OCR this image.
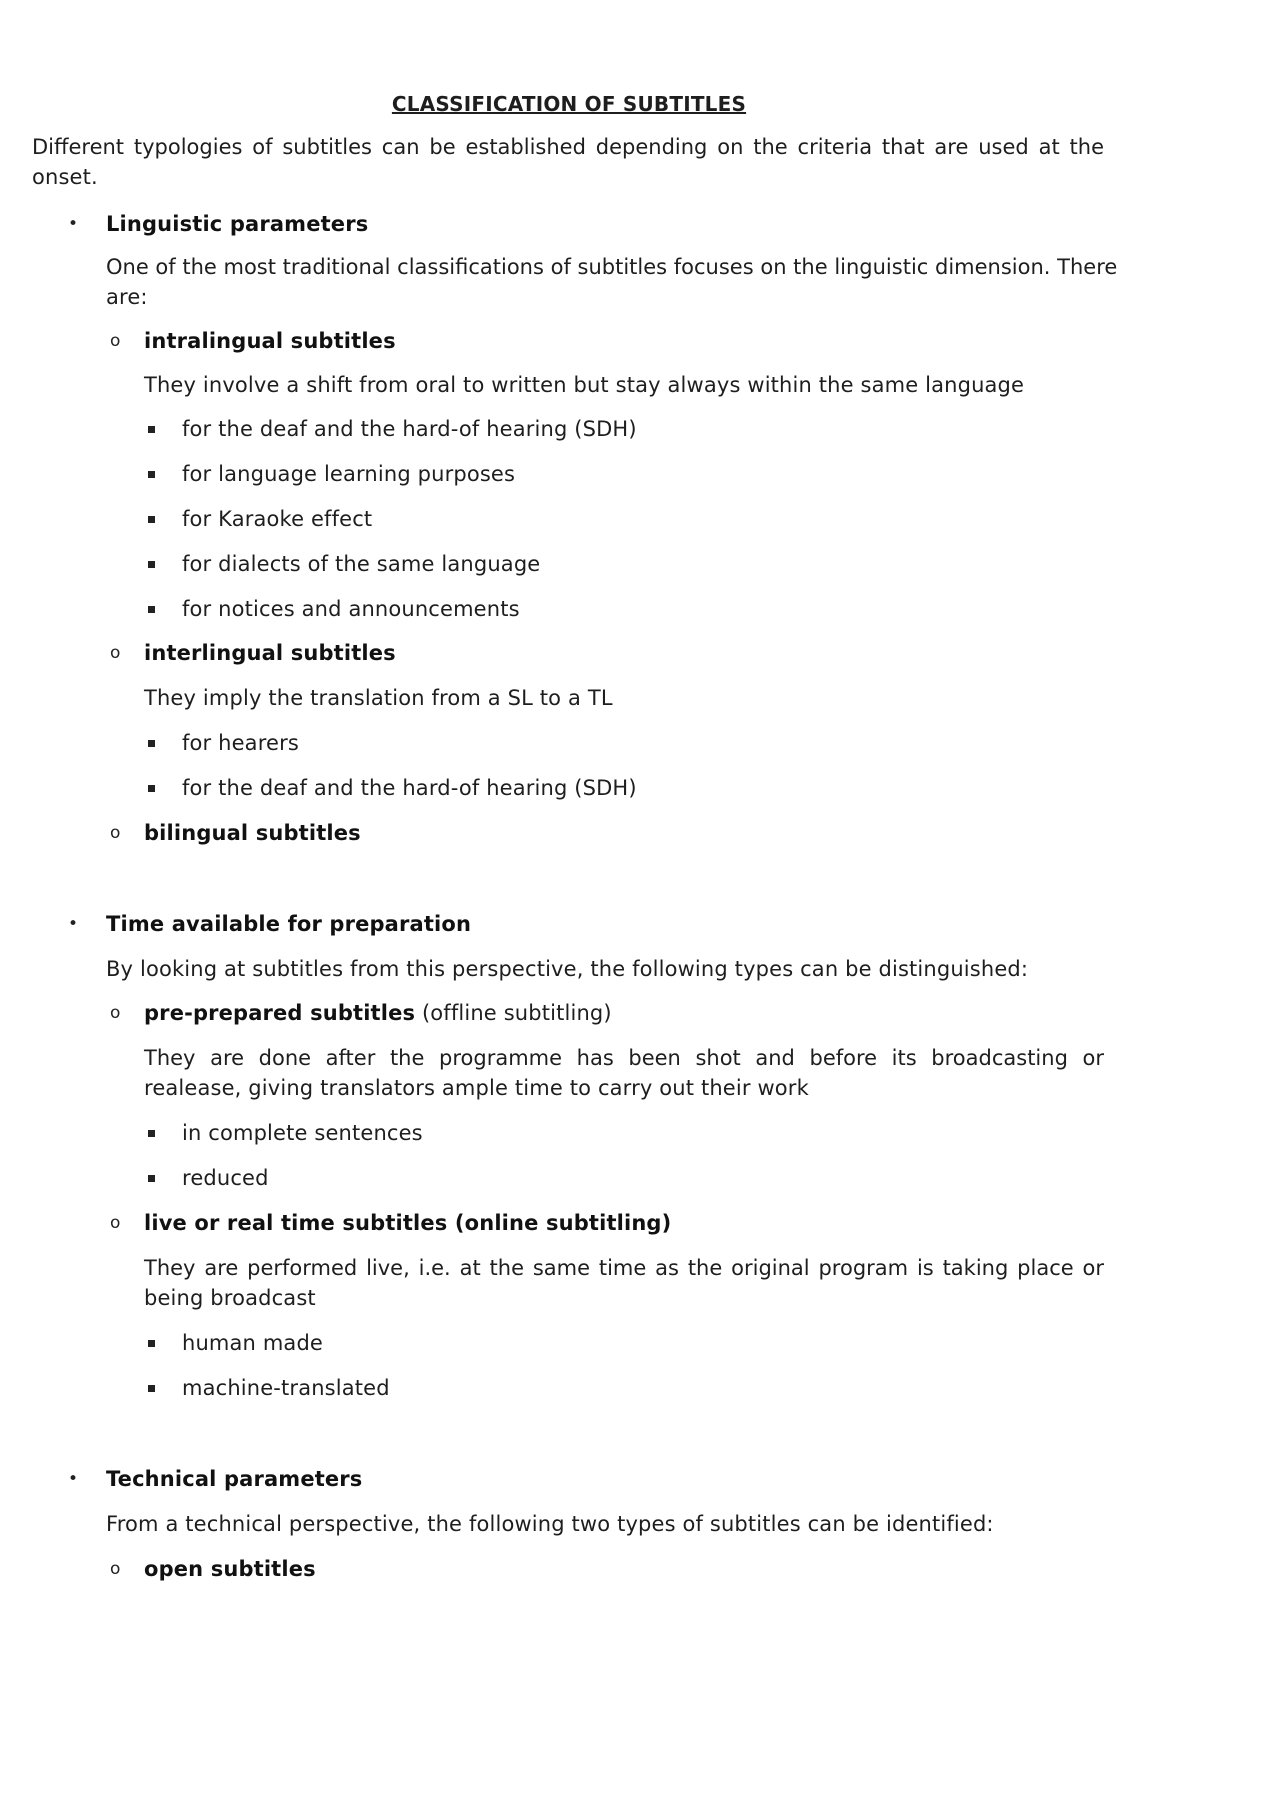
CLASSIFICATION OF SUBTITLES
Different typologies of subtitles can be established depending on the criteria that are used at the
onset.
• Linguistic parameters
One of the most traditional classifications of subtitles focuses on the linguistic dimension. There
are:
o intralingual subtitles
They involve a shift from oral to written but stay always within the same language
for the deaf and the hard-of hearing (SDH)
for language learning purposes
for Karaoke effect
for dialects of the same language
for notices and announcements
o interlingual subtitles
They imply the translation from a SL to a TL
for hearers
for the deaf and the hard-of hearing (SDH)
o bilingual subtitles
• Time available for preparation
By looking at subtitles from this perspective, the following types can be distinguished:
o pre-prepared subtitles (offline subtitling)
They are done after the programme has been shot and before its broadcasting or
realease, giving translators ample time to carry out their work
in complete sentences
reduced
o live or real time subtitles (online subtitling)
They are performed live, i.e. at the same time as the original program is taking place or
being broadcast
human made
machine-translated
• Technical parameters
From a technical perspective, the following two types of subtitles can be identified:
o open subtitles
